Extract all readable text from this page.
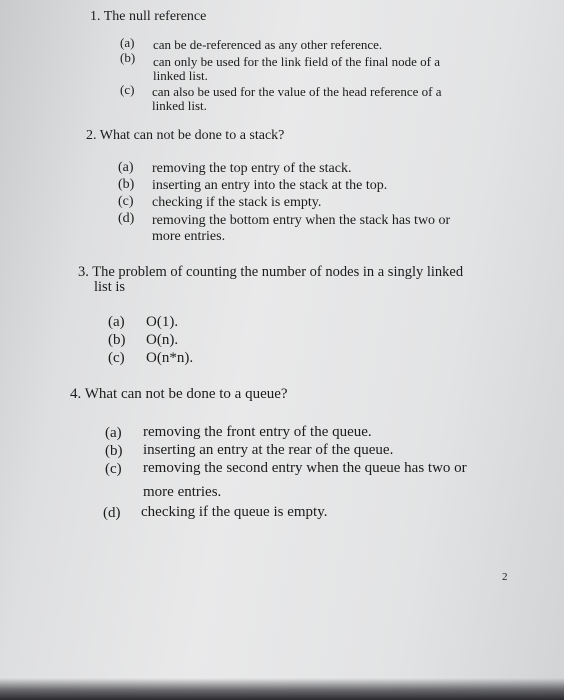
1. The null reference
(a) can be de-referenced as any other reference.
(b) can only be used for the link field of the final node of a
linked list.
(c) can also be used for the value of the head reference of a
linked list.
2. What can not be done to a stack?
(a) removing the top entry of the stack.
(b) inserting an entry into the stack at the top.
(c) checking if the stack is empty.
(d) removing the bottom entry when the stack has two or
more entries.
3. The problem of counting the number of nodes in a singly linked
list is
(a) O(1).
(b) O(n).
(c) O(n*n).
4. What can not be done to a queue?
(a) removing the front entry of the queue.
(b) inserting an entry at the rear of the queue.
(c) removing the second entry when the queue has two or
more entries.
(d) checking if the queue is empty.
2
